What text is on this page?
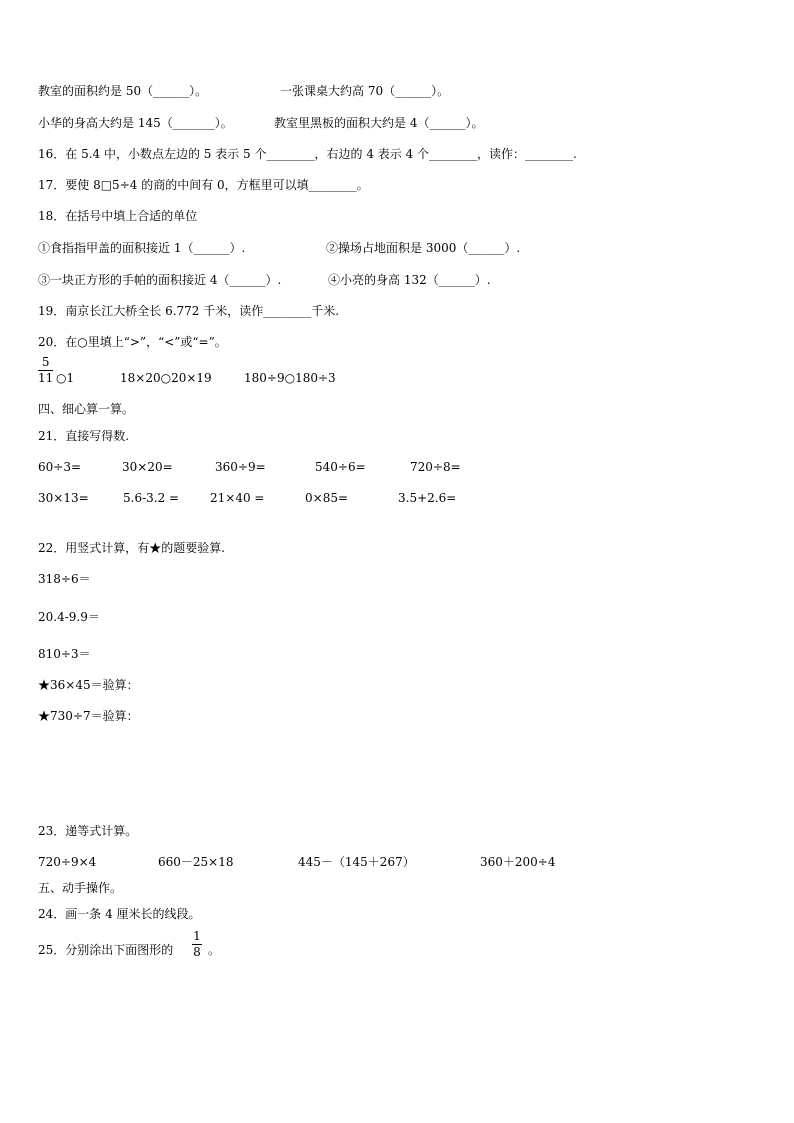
教室的面积约是 50（______）。	一张课桌大约高 70（______）。
小华的身高大约是 145（_______）。	教室里黑板的面积大约是 4（______）。
16．在 5.4 中，小数点左边的 5 表示 5 个________，右边的 4 表示 4 个________，读作：________.
17．要使 8□5÷4 的商的中间有 0，方框里可以填________。
18．在括号中填上合适的单位
①食指指甲盖的面积接近 1（______）.	②操场占地面积是 3000（______）.
③一块正方形的手帕的面积接近 4（______）.	④小亮的身高 132（______）.
19．南京长江大桥全长 6.772 千米，读作________千米.
20．在○里填上“>”，“<”或“=”。
5
11 ○1	18×20○20×19	180÷9○180÷3
四、细心算一算。
21．直接写得数.
60÷3=	30×20=	360÷9=	540÷6=	720÷8=
30×13=	5.6-3.2 =	21×40 =	0×85=	3.5+2.6=
22．用竖式计算，有★的题要验算.
318÷6＝
20.4-9.9＝
810÷3＝
★36×45＝验算：
★730÷7＝验算：
23．递等式计算。
720÷9×4	660－25×18	445－（145＋267）	360＋200÷4
五、动手操作。
24．画一条 4 厘米长的线段。
25．分别涂出下面图形的
1
8 。
